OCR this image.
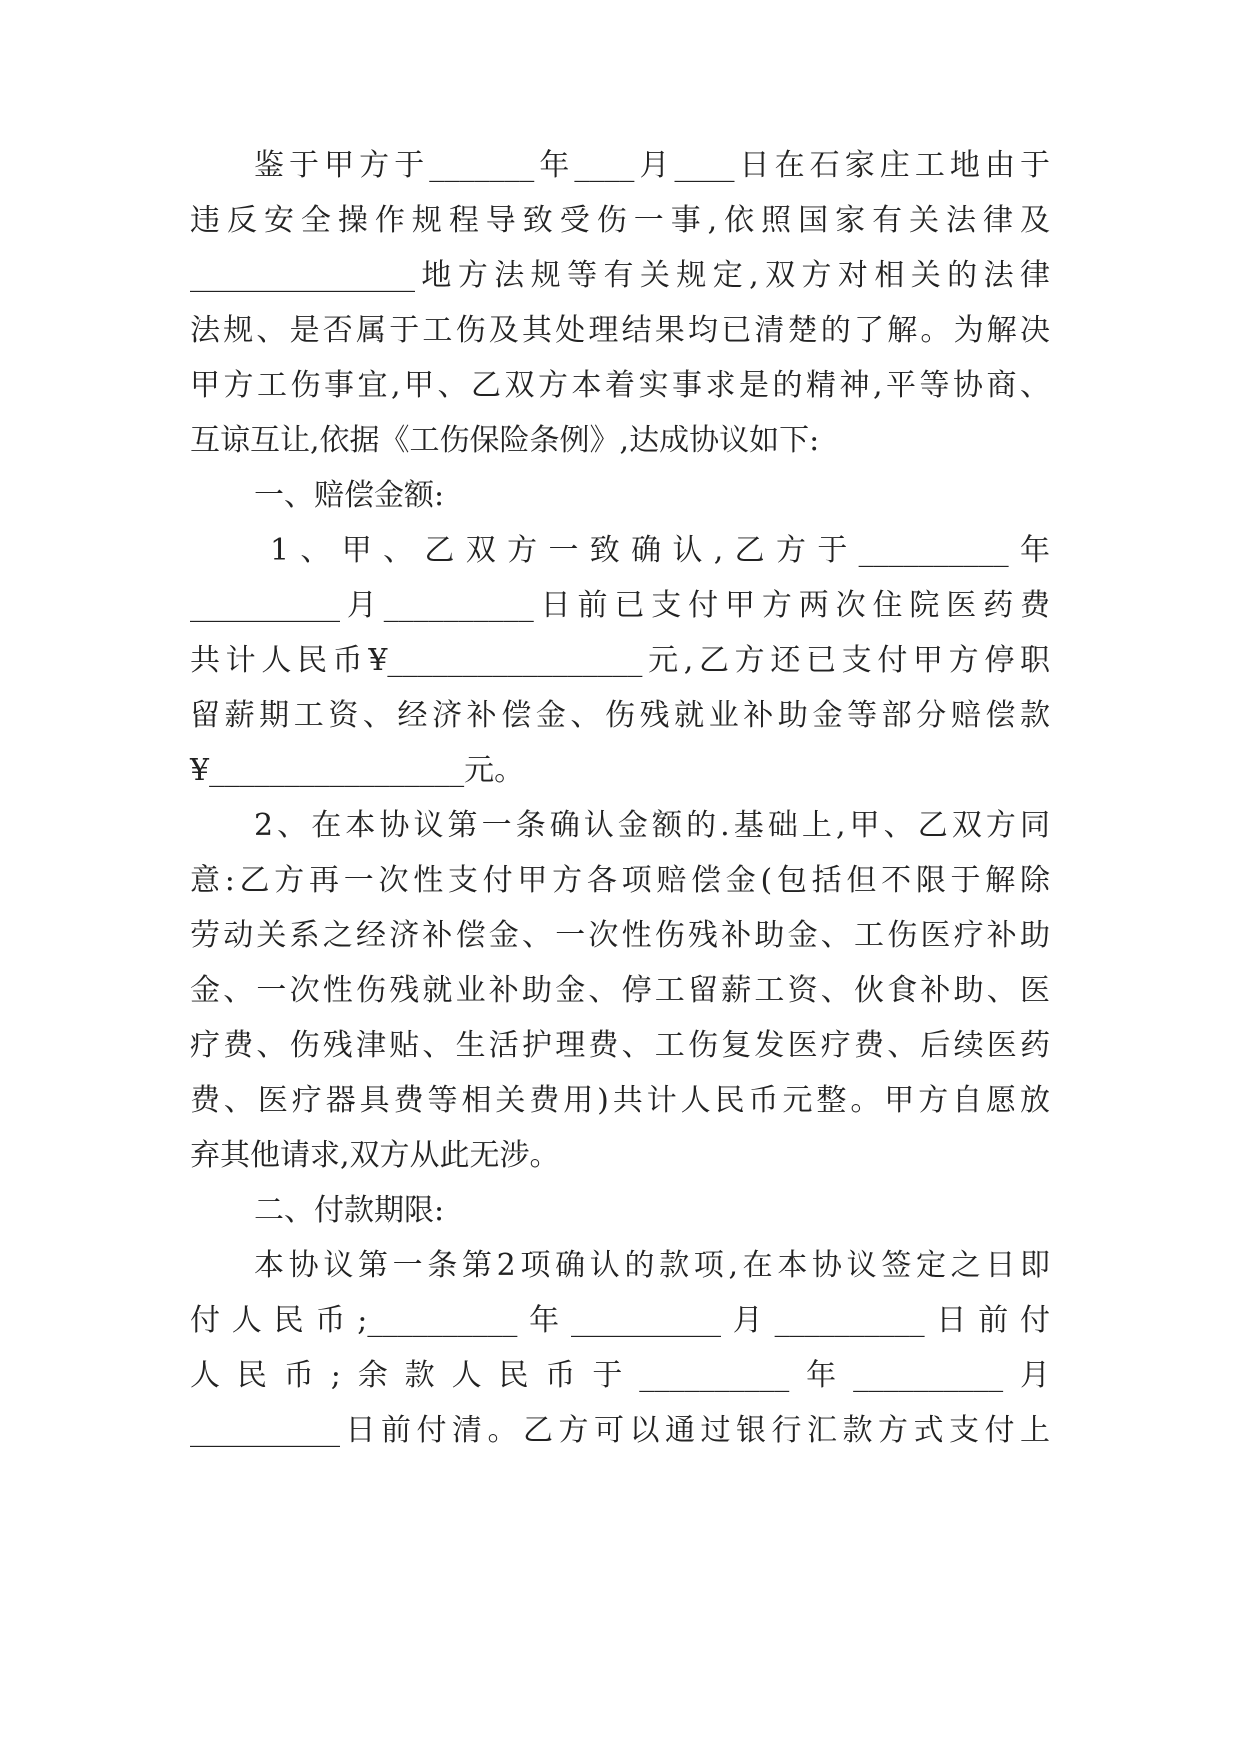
鉴于甲方于_______年____月____日在石家庄工地由于
违反安全操作规程导致受伤一事,依照国家有关法律及
_______________地方法规等有关规定,双方对相关的法律
法规、是否属于工伤及其处理结果均已清楚的了解。为解决
甲方工伤事宜,甲、乙双方本着实事求是的精神,平等协商、
互谅互让,依据《工伤保险条例》,达成协议如下:
一、赔偿金额:
1、甲、乙双方一致确认,乙方于__________年
__________月__________日前已支付甲方两次住院医药费
共计人民币¥_________________元,乙方还已支付甲方停职
留薪期工资、经济补偿金、伤残就业补助金等部分赔偿款
¥_________________元。
2、在本协议第一条确认金额的.基础上,甲、乙双方同
意:乙方再一次性支付甲方各项赔偿金(包括但不限于解除
劳动关系之经济补偿金、一次性伤残补助金、工伤医疗补助
金、一次性伤残就业补助金、停工留薪工资、伙食补助、医
疗费、伤残津贴、生活护理费、工伤复发医疗费、后续医药
费、医疗器具费等相关费用)共计人民币元整。甲方自愿放
弃其他请求,双方从此无涉。
二、付款期限:
本协议第一条第2项确认的款项,在本协议签定之日即
付人民币;__________年__________月__________日前付
人民币;余款人民币于__________年__________月
__________日前付清。乙方可以通过银行汇款方式支付上
